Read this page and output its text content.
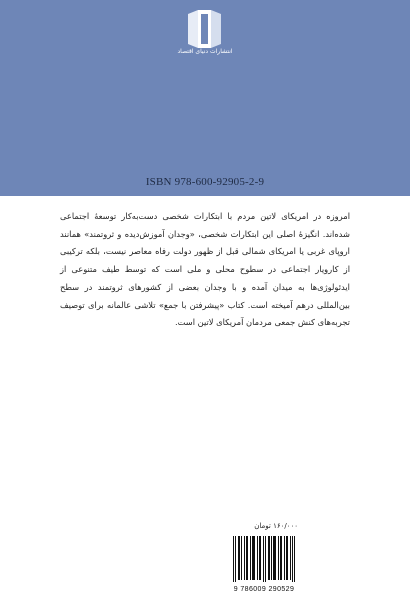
انتشارات دنیای اقتصاد
ISBN 978-600-92905-2-9

امروزه در امریکای لاتین مردم با ابتکارات شخصی دست‌به‌کار توسعهٔ اجتماعی شده‌اند. انگیزهٔ اصلی این ابتکارات شخصی، «وجدان آموزش‌دیده و ثروتمند» همانند اروپای غربی یا امریکای شمالی قبل از ظهور دولت رفاه معاصر نیست، بلکه ترکیبی از کارویار اجتماعی در سطوح محلی و ملی است که توسط طیف متنوعی از ایدئولوژی‌ها به میدان آمده و با وجدان بعضی از کشورهای ثروتمند در سطح بین‌المللی درهم آمیخته است. کتاب «پیشرفتن با جمع» تلاشی عالمانه برای توصیف تجربه‌های کنش جمعی مردمان آمریکای لاتین است.

۱۶۰/۰۰۰ تومان
9 786009 290529
